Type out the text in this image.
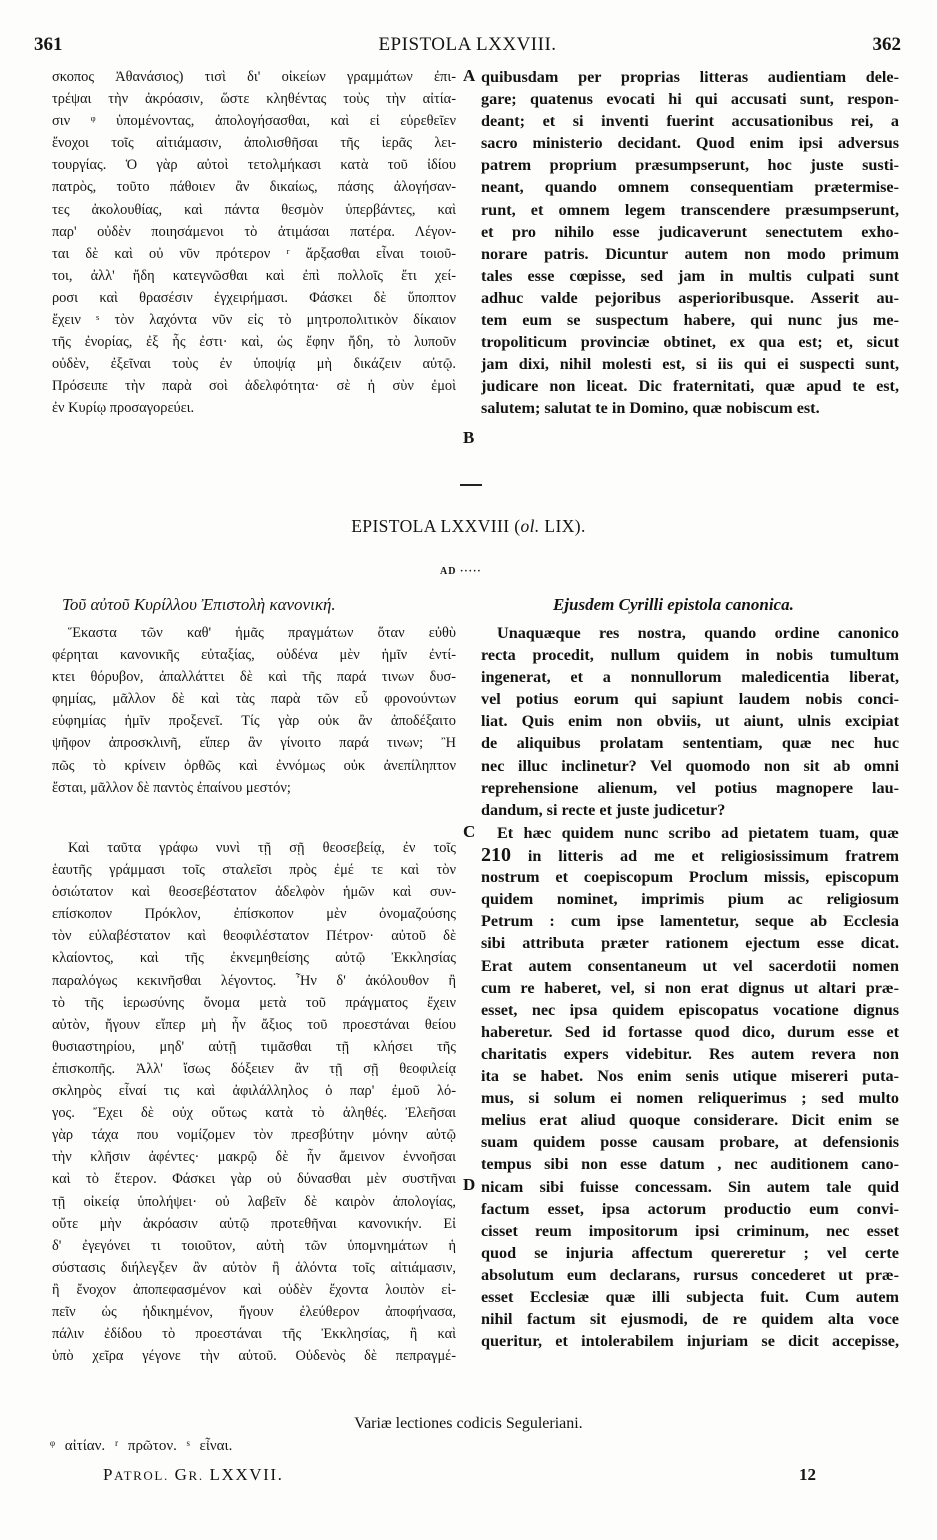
361	EPISTOLA LXXVIII.	362
σκοπος Ἀθανάσιος) τισὶ δι' οἰκείων γραμμάτων ἐπι-
τρέψαι τὴν ἀκρόασιν, ὥστε κληθέντας τοὺς τὴν αἰτία-
σιν ᵠ ὑπομένοντας, ἀπολογήσασθαι, καὶ εἰ εὑρεθεῖεν
ἔνοχοι τοῖς αἰτιάμασιν, ἀπολισθῆσαι τῆς ἱερᾶς λει-
τουργίας. Ὁ γὰρ αὐτοὶ τετολμήκασι κατὰ τοῦ ἰδίου
πατρὸς, τοῦτο πάθοιεν ἂν δικαίως, πάσης ἀλογήσαν-
τες ἀκολουθίας, καὶ πάντα θεσμὸν ὑπερβάντες, καὶ
παρ' οὐδὲν ποιησάμενοι τὸ ἀτιμάσαι πατέρα. Λέγον-
ται δὲ καὶ οὐ νῦν πρότερον ʳ ἄρξασθαι εἶναι τοιοῦ-
τοι, ἀλλ' ἤδη κατεγνῶσθαι καὶ ἐπὶ πολλοῖς ἔτι χεί-
ροσι καὶ θρασέσιν ἐγχειρήμασι. Φάσκει δὲ ὕποπτον
ἔχειν ˢ τὸν λαχόντα νῦν εἰς τὸ μητροπολιτικὸν δίκαιον
τῆς ἐνορίας, ἐξ ἧς ἐστι· καὶ, ὡς ἔφην ἤδη, τὸ λυποῦν
οὐδὲν, ἐξεῖναι τοὺς ἐν ὑποψίᾳ μὴ δικάζειν αὐτῷ.
Πρόσειπε τὴν παρὰ σοὶ ἀδελφότητα· σὲ ἡ σὺν ἐμοὶ
ἐν Κυρίῳ προσαγορεύει.
quibusdam per proprias litteras audientiam dele-
gare; quatenus evocati hi qui accusati sunt, respon-
deant; et si inventi fuerint accusationibus rei, a
sacro ministerio decidant. Quod enim ipsi adversus
patrem proprium præsumpserunt, hoc juste susti-
neant, quando omnem consequentiam prætermise-
runt, et omnem legem transcendere præsumpserunt,
et pro nihilo esse judicaverunt senectutem exho-
norare patris. Dicuntur autem non modo primum
tales esse cœpisse, sed jam in multis culpati sunt
adhuc valde pejoribus asperioribusque. Asserit au-
tem eum se suspectum habere, qui nunc jus me-
tropoliticum provinciæ obtinet, ex qua est; et, sicut
jam dixi, nihil molesti est, si iis qui ei suspecti sunt,
judicare non liceat. Dic fraternitati, quæ apud te est,
salutem; salutat te in Domino, quæ nobiscum est.
A
B
EPISTOLA LXXVIII (ol. LIX).
AD ·····
Τοῦ αὐτοῦ Κυρίλλου Ἐπιστολὴ κανονική.	Ejusdem Cyrilli epistola canonica.
Ἕκαστα τῶν καθ' ἡμᾶς πραγμάτων ὅταν εὐθὺ
φέρηται κανονικῆς εὐταξίας, οὐδένα μὲν ἡμῖν ἐντί-
κτει θόρυβον, ἀπαλλάττει δὲ καὶ τῆς παρά τινων δυσ-
φημίας, μᾶλλον δὲ καὶ τὰς παρὰ τῶν εὖ φρονούντων
εὐφημίας ἡμῖν προξενεῖ. Τίς γὰρ οὐκ ἂν ἀποδέξαιτο
ψῆφον ἀπροσκλινῆ, εἴπερ ἂν γίνοιτο παρά τινων; Ἢ
πῶς τὸ κρίνειν ὀρθῶς καὶ ἐννόμως οὐκ ἀνεπίληπτον
ἔσται, μᾶλλον δὲ παντὸς ἐπαίνου μεστόν;
Καὶ ταῦτα γράφω νυνὶ τῇ σῇ θεοσεβείᾳ, ἐν τοῖς
ἑαυτῆς γράμμασι τοῖς σταλεῖσι πρὸς ἐμέ τε καὶ τὸν
ὁσιώτατον καὶ θεοσεβέστατον ἀδελφὸν ἡμῶν καὶ συν-
επίσκοπον Πρόκλον, ἐπίσκοπον μὲν ὀνομαζούσης
τὸν εὐλαβέστατον καὶ θεοφιλέστατον Πέτρον· αὐτοῦ δὲ
κλαίοντος, καὶ τῆς ἐκνεμηθείσης αὐτῷ Ἐκκλησίας
παραλόγως κεκινῆσθαι λέγοντος. Ἦν δ' ἀκόλουθον ἢ
τὸ τῆς ἱερωσύνης ὄνομα μετὰ τοῦ πράγματος ἔχειν
αὐτὸν, ἤγουν εἴπερ μὴ ἦν ἄξιος τοῦ προεστάναι θείου
θυσιαστηρίου, μηδ' αὐτῇ τιμᾶσθαι τῇ κλήσει τῆς
ἐπισκοπῆς. Ἀλλ' ἴσως δόξειεν ἂν τῇ σῇ θεοφιλείᾳ
σκληρὸς εἶναί τις καὶ ἀφιλάλληλος ὁ παρ' ἐμοῦ λό-
γος. Ἔχει δὲ οὐχ οὕτως κατὰ τὸ ἀληθές. Ἐλεῆσαι
γὰρ τάχα που νομίζομεν τὸν πρεσβύτην μόνην αὐτῷ
τὴν κλῆσιν ἀφέντες· μακρῷ δὲ ἦν ἄμεινον ἐννοῆσαι
καὶ τὸ ἕτερον. Φάσκει γὰρ οὐ δύνασθαι μὲν συστῆναι
τῇ οἰκείᾳ ὑπολήψει· οὐ λαβεῖν δὲ καιρὸν ἀπολογίας,
οὔτε μὴν ἀκρόασιν αὐτῷ προτεθῆναι κανονικήν. Εἰ
δ' ἐγεγόνει τι τοιοῦτον, αὐτὴ τῶν ὑπομνημάτων ἡ
σύστασις διήλεγξεν ἂν αὐτὸν ἢ ἁλόντα τοῖς αἰτιάμασιν,
ἢ ἔνοχον ἀποπεφασμένον καὶ οὐδὲν ἔχοντα λοιπὸν εἰ-
πεῖν ὡς ἠδικημένον, ἤγουν ἐλεύθερον ἀποφήνασα,
πάλιν ἐδίδου τὸ προεστάναι τῆς Ἐκκλησίας, ἢ καὶ
ὑπὸ χεῖρα γέγονε τὴν αὐτοῦ. Οὐδενὸς δὲ πεπραγμέ-
Unaquæque res nostra, quando ordine canonico
recta procedit, nullum quidem in nobis tumultum
ingenerat, et a nonnullorum maledicentia liberat,
vel potius eorum qui sapiunt laudem nobis conci-
liat. Quis enim non obviis, ut aiunt, ulnis excipiat
de aliquibus prolatam sententiam, quæ nec huc
nec illuc inclinetur? Vel quomodo non sit ab omni
reprehensione alienum, vel potius magnopere lau-
dandum, si recte et juste judicetur?
Et hæc quidem nunc scribo ad pietatem tuam, quæ
210 in litteris ad me et religiosissimum fratrem
nostrum et coepiscopum Proclum missis, episcopum
quidem nominet, imprimis pium ac religiosum
Petrum : cum ipse lamentetur, seque ab Ecclesia
sibi attributa præter rationem ejectum esse dicat.
Erat autem consentaneum ut vel sacerdotii nomen
cum re haberet, vel, si non erat dignus ut altari præ-
esset, nec ipsa quidem episcopatus vocatione dignus
haberetur. Sed id fortasse quod dico, durum esse et
charitatis expers videbitur. Res autem revera non
ita se habet. Nos enim senis utique misereri puta-
mus, si solum ei nomen reliquerimus ; sed multo
melius erat aliud quoque considerare. Dicit enim se
suam quidem posse causam probare, at defensionis
tempus sibi non esse datum , nec auditionem cano-
nicam sibi fuisse concessam. Sin autem tale quid
factum esset, ipsa actorum productio eum convi-
cisset reum impositorum ipsi criminum, nec esset
quod se injuria affectum quereretur ; vel certe
absolutum eum declarans, rursus concederet ut præ-
esset Ecclesiæ quæ illi subjecta fuit. Cum autem
nihil factum sit ejusmodi, de re quidem alta voce
queritur, et intolerabilem injuriam se dicit accepisse,
C
D
Variæ lectiones codicis Seguleriani.
ᵠ αἰτίαν. ʳ πρῶτον. ˢ εἶναι.
PATROL. GR. LXXVII.	12
